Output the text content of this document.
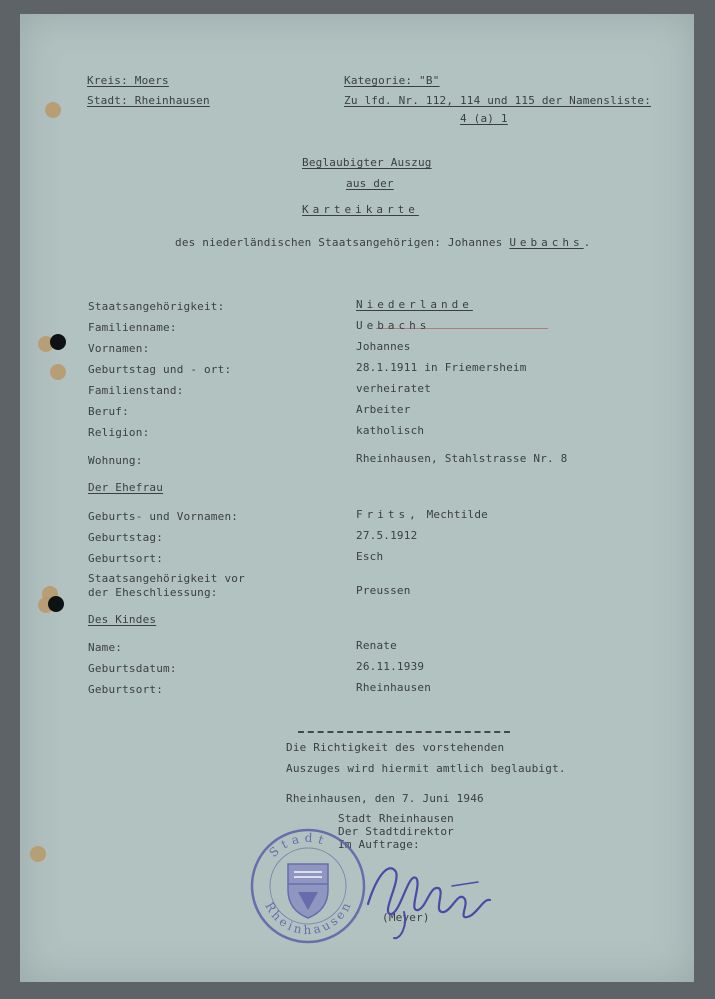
Kreis: Moers
Stadt: Rheinhausen
Kategorie: "B"
Zu lfd. Nr. 112, 114 und 115 der Namensliste:
4 (a) 1
Beglaubigter Auszug
aus der
Karteikarte
des niederländischen Staatsangehörigen: Johannes Uebachs.
Staatsangehörigkeit:	Niederlande
Familienname:	Uebachs
Vornamen:	Johannes
Geburtstag und - ort:	28.1.1911 in Friemersheim
Familienstand:	verheiratet
Beruf:	Arbeiter
Religion:	katholisch
Wohnung:	Rheinhausen, Stahlstrasse Nr. 8
Der Ehefrau
Geburts- und Vornamen:	Frits, Mechtilde
Geburtstag:	27.5.1912
Geburtsort:	Esch
Staatsangehörigkeit vor
der Eheschliessung:	Preussen
Des Kindes
Name:	Renate
Geburtsdatum:	26.11.1939
Geburtsort:	Rheinhausen
Die Richtigkeit des vorstehenden
Auszuges wird hiermit amtlich beglaubigt.
Rheinhausen, den 7. Juni 1946
Stadt Rheinhausen
Der Stadtdirektor
Im Auftrage:
(Meyer)
Stadt
Rheinhausen
